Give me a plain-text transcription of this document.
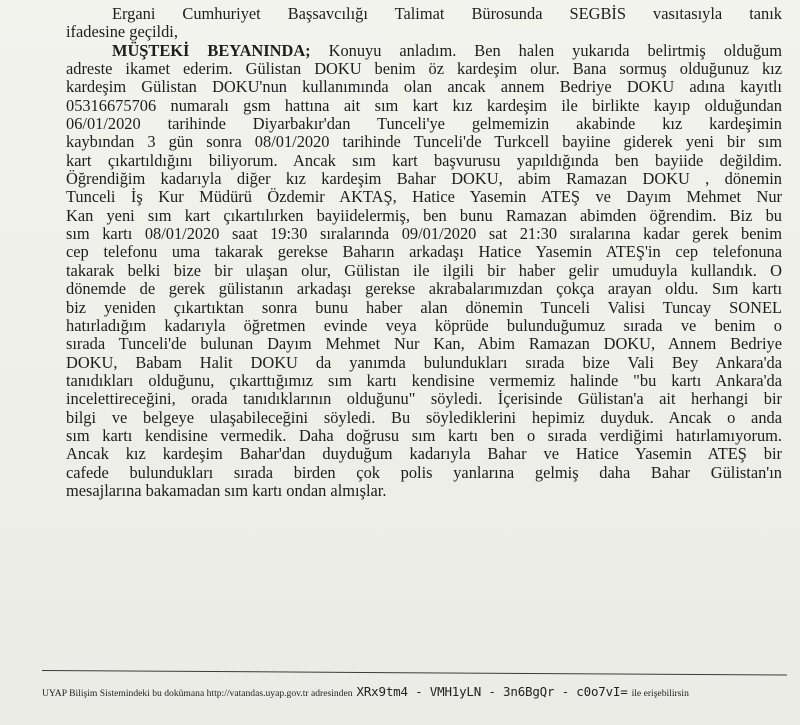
Ergani Cumhuriyet Başsavcılığı Talimat Bürosunda SEGBİS vasıtasıyla tanık
ifadesine geçildi,
MÜŞTEKİ BEYANINDA; Konuyu anladım. Ben halen yukarıda belirtmiş olduğum
adreste ikamet ederim. Gülistan DOKU benim öz kardeşim olur. Bana sormuş olduğunuz kız
kardeşim Gülistan DOKU'nun kullanımında olan ancak annem Bedriye DOKU adına kayıtlı
05316675706 numaralı gsm hattına ait sım kart kız kardeşim ile birlikte kayıp olduğundan
06/01/2020 tarihinde Diyarbakır'dan Tunceli'ye gelmemizin akabinde kız kardeşimin
kaybından 3 gün sonra 08/01/2020 tarihinde Tunceli'de Turkcell bayiine giderek yeni bir sım
kart çıkartıldığını biliyorum. Ancak sım kart başvurusu yapıldığında ben bayiide değildim.
Öğrendiğim kadarıyla diğer kız kardeşim Bahar DOKU, abim Ramazan DOKU , dönemin
Tunceli İş Kur Müdürü Özdemir AKTAŞ, Hatice Yasemin ATEŞ ve Dayım Mehmet Nur
Kan yeni sım kart çıkartılırken bayiidelermiş, ben bunu Ramazan abimden öğrendim. Biz bu
sım kartı 08/01/2020 saat 19:30 sıralarında 09/01/2020 sat 21:30 sıralarına kadar gerek benim
cep telefonu uma takarak gerekse Baharın arkadaşı Hatice Yasemin ATEŞ'in cep telefonuna
takarak belki bize bir ulaşan olur, Gülistan ile ilgili bir haber gelir umuduyla kullandık. O
dönemde de gerek gülistanın arkadaşı gerekse akrabalarımızdan çokça arayan oldu. Sım kartı
biz yeniden çıkartıktan sonra bunu haber alan dönemin Tunceli Valisi Tuncay SONEL
hatırladığım kadarıyla öğretmen evinde veya köprüde bulunduğumuz sırada ve benim o
sırada Tunceli'de bulunan Dayım Mehmet Nur Kan, Abim Ramazan DOKU, Annem Bedriye
DOKU, Babam Halit DOKU da yanımda bulundukları sırada bize Vali Bey Ankara'da
tanıdıkları olduğunu, çıkarttığımız sım kartı kendisine vermemiz halinde "bu kartı Ankara'da
incelettireceğini, orada tanıdıklarının olduğunu" söyledi. İçerisinde Gülistan'a ait herhangi bir
bilgi ve belgeye ulaşabileceğini söyledi. Bu söylediklerini hepimiz duyduk. Ancak o anda
sım kartı kendisine vermedik. Daha doğrusu sım kartı ben o sırada verdiğimi hatırlamıyorum.
Ancak kız kardeşim Bahar'dan duyduğum kadarıyla Bahar ve Hatice Yasemin ATEŞ bir
cafede bulundukları sırada birden çok polis yanlarına gelmiş daha Bahar Gülistan'ın
mesajlarına bakamadan sım kartı ondan almışlar.
UYAP Bilişim Sistemindeki bu dokümana http://vatandas.uyap.gov.tr adresinden XRx9tm4 - VMH1yLN - 3n6BgQr - c0o7vI= ile erişebilirsin
